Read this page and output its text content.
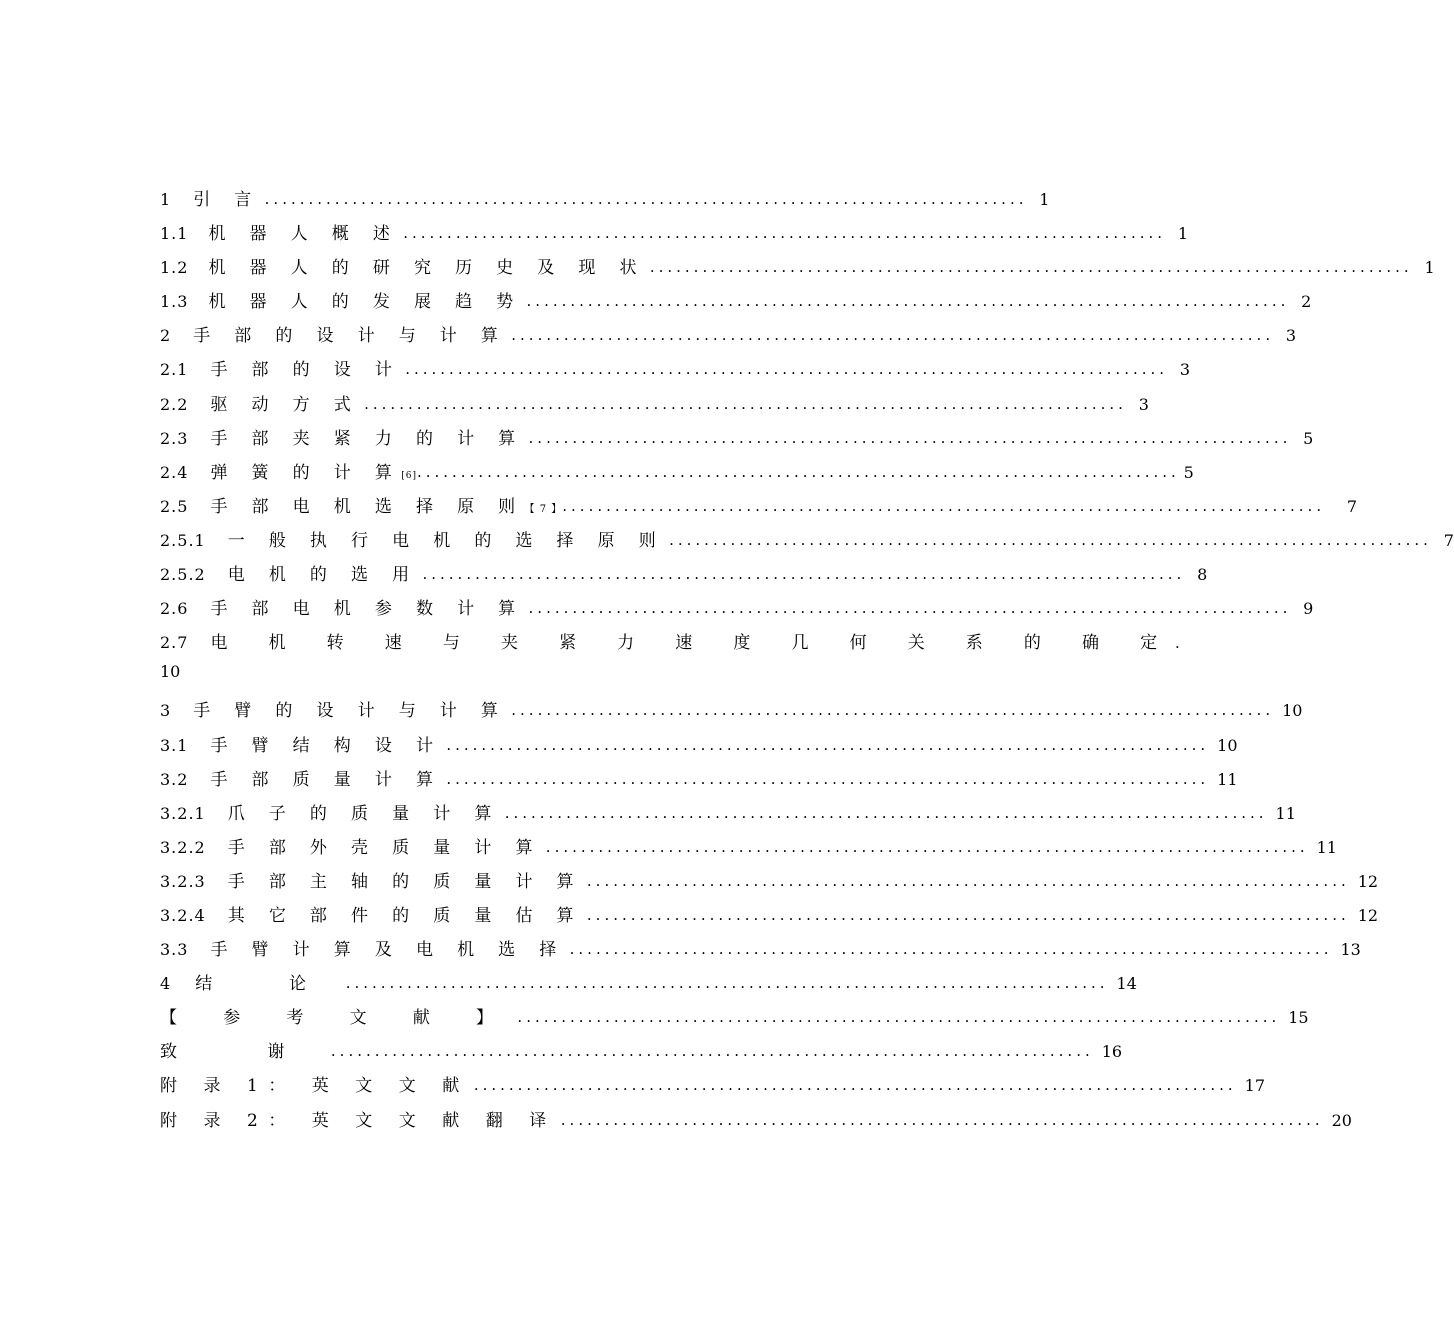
1 引 言 ....................................................................................... 1
1.1 机 器 人 概 述 ....................................................................................... 1
1.2 机 器 人 的 研 究 历 史 及 现 状 ....................................................................................... 1
1.3 机 器 人 的 发 展 趋 势 ....................................................................................... 2
2 手 部 的 设 计 与 计 算 ....................................................................................... 3
2.1 手 部 的 设 计 ....................................................................................... 3
2.2 驱 动 方 式 ....................................................................................... 3
2.3 手 部 夹 紧 力 的 计 算 ....................................................................................... 5
2.4 弹 簧 的 计 算 [6] ....................................................................................... 5
2.5 手 部 电 机 选 择 原 则 【 7 】 ....................................................................................... 7
2.5.1 一 般 执 行 电 机 的 选 择 原 则 ....................................................................................... 7
2.5.2 电 机 的 选 用 ....................................................................................... 8
2.6 手 部 电 机 参 数 计 算 ....................................................................................... 9
2.7 电 机 转 速 与 夹 紧 力 速 度 几 何 关 系 的 确 定 .
10
3 手 臂 的 设 计 与 计 算 ....................................................................................... 10
3.1 手 臂 结 构 设 计 ....................................................................................... 10
3.2 手 部 质 量 计 算 ....................................................................................... 11
3.2.1 爪 子 的 质 量 计 算 ....................................................................................... 11
3.2.2 手 部 外 壳 质 量 计 算 ....................................................................................... 11
3.2.3 手 部 主 轴 的 质 量 计 算 ....................................................................................... 12
3.2.4 其 它 部 件 的 质 量 估 算 ....................................................................................... 12
3.3 手 臂 计 算 及 电 机 选 择 ....................................................................................... 13
4 结 论 ....................................................................................... 14
【 参 考 文 献 】 ....................................................................................... 15
致 谢 ....................................................................................... 16
附 录 1： 英 文 文 献 ....................................................................................... 17
附 录 2： 英 文 文 献 翻 译 ....................................................................................... 20
